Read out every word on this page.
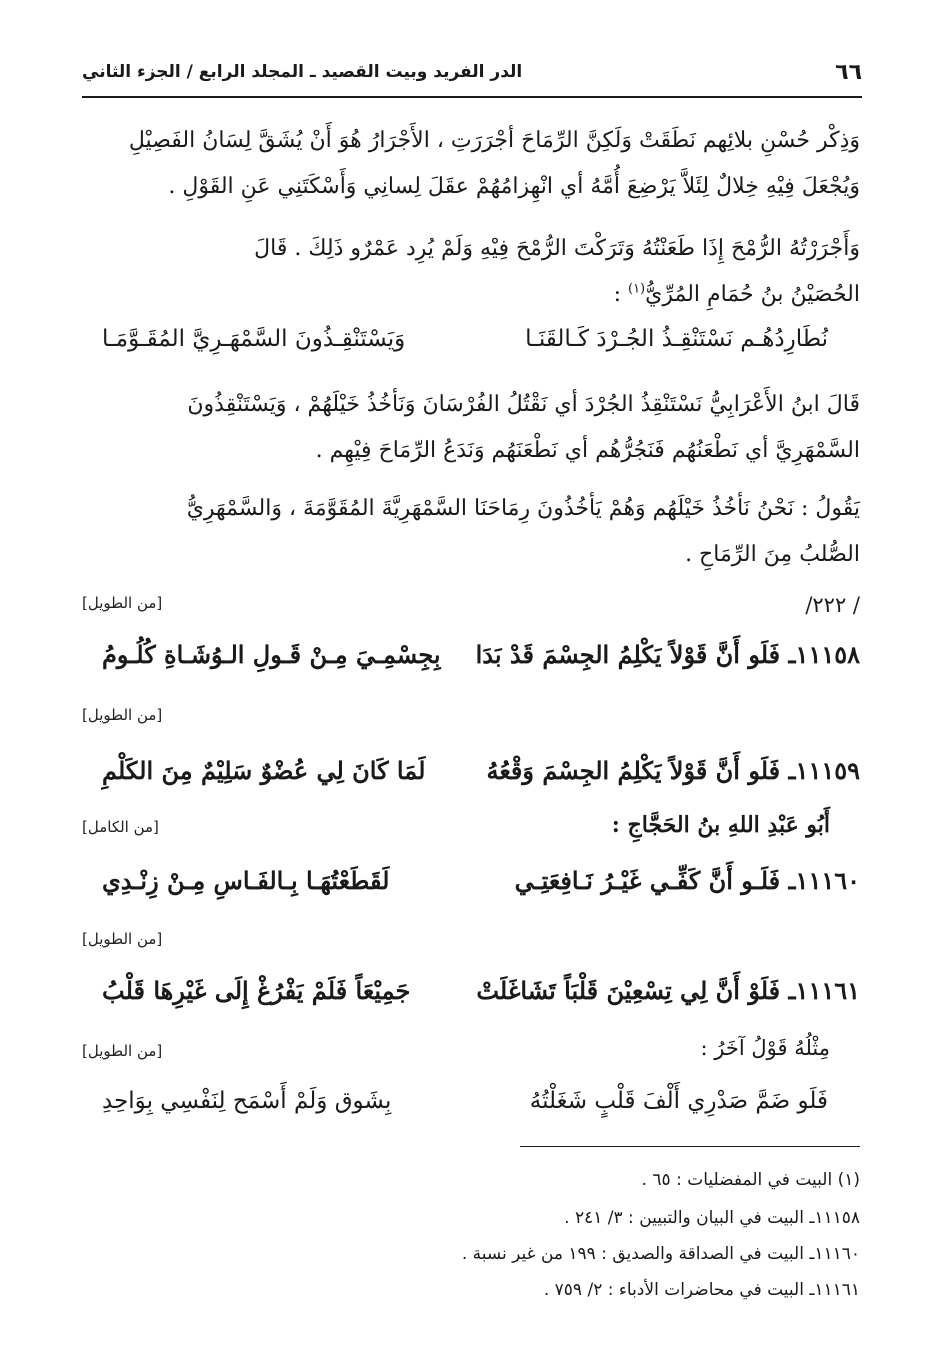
٦٦
الدر الفريد وبيت القصيد ـ المجلد الرابع / الجزء الثاني
وَذِكْر حُسْنِ بلائِهم نَطَقَتْ وَلَكِنَّ الرِّمَاحَ أجْرَرَتِ ، الأَجْرَارُ هُوَ أَنْ يُشَقَّ لِسَانُ الفَصِيْلِ
وَيُجْعَلَ فِيْهِ خِلالٌ لِئَلاَّ يَرْضِعَ أُمَّهُ أي انْهِزامُهُمْ عقَلَ لِسانِي وَأَسْكَتَنِي عَنِ القَوْلِ .
وَأَجْرَرْتُهُ الرُّمْحَ إِذَا طَعَنْتُهُ وَتَرَكْتَ الرُّمْحَ فِيْهِ وَلَمْ يُرِد عَمْرٌو ذَلِكَ . قَالَ
الحُصَيْنُ بنُ حُمَامِ المُرِّيُّ$^{(١)}$ :
نُطَارِدُهُـم نَسْتَنْقِـذُ الجُـرْدَ كَـالقَنَـا
وَيَسْتَنْقِـذُونَ السَّمْهَـرِيَّ المُقَـوَّمَـا
قَالَ ابنُ الأَعْرَابِيُّ نَسْتَنْقِذُ الجُرْدَ أي نَقْتُلُ الفُرْسَانَ وَنَأخُذُ خَيْلَهُمْ ، وَيَسْتَنْقِذُونَ
السَّمْهَرِيَّ أي نَطْعَنُهُم فَنَجُرُّهُم أي نَطْعَنَهُم وَنَدَعُ الرِّمَاحَ فِيْهِم .
يَقُولُ : نَحْنُ نَأخُذُ خَيْلَهُم وَهُمْ يَأخُذُونَ رِمَاحَنَا السَّمْهَرِيَّةَ المُقَوَّمَةَ ، وَالسَّمْهَرِيُّ
الصُّلبُ مِنَ الرِّمَاحِ .
/ ٢٢٢/
[من الطويل]
١١١٥٨ـ فَلَو أَنَّ قَوْلاً يَكْلِمُ الجِسْمَ قَدْ بَدَا
بِجِسْمِـيَ مِـنْ قَـولِ الـوُشَـاةِ كُلُـومُ
[من الطويل]
١١١٥٩ـ فَلَو أَنَّ قَوْلاً يَكْلِمُ الجِسْمَ وَقْعُهُ
لَمَا كَانَ لِي عُضْوٌ سَلِيْمٌ مِنَ الكَلْمِ
[من الكامل]	أَبُو عَبْدِ اللهِ بنُ الحَجَّاجِ :
١١١٦٠ـ فَلَـو أَنَّ كَفِّـي غَيْـرُ نَـافِعَتِـي
لَقَطَعْتُهَـا بِـالفَـاسِ مِـنْ زِنْـدِي
[من الطويل]
١١١٦١ـ فَلَوْ أَنَّ لِي تِسْعِيْنَ قَلْبَاً تَشَاغَلَتْ
جَمِيْعَاً فَلَمْ يَفْرُغْ إِلَى غَيْرِهَا قَلْبُ
[من الطويل]	مِثْلُهُ قَوْلُ آخَرُ :
فَلَو ضَمَّ صَدْرِي أَلْفَ قَلْبٍ شَغَلْتُهُ
بِشَوق وَلَمْ أَسْمَح لِنَفْسِي بِوَاحِدِ
(١) البيت في المفضليات : ٦٥ .
١١١٥٨ـ البيت في البيان والتبيين : ٣/ ٢٤١ .
١١١٦٠ـ البيت في الصداقة والصديق : ١٩٩ من غير نسبة .
١١١٦١ـ البيت في محاضرات الأدباء : ٢/ ٧٥٩ .
